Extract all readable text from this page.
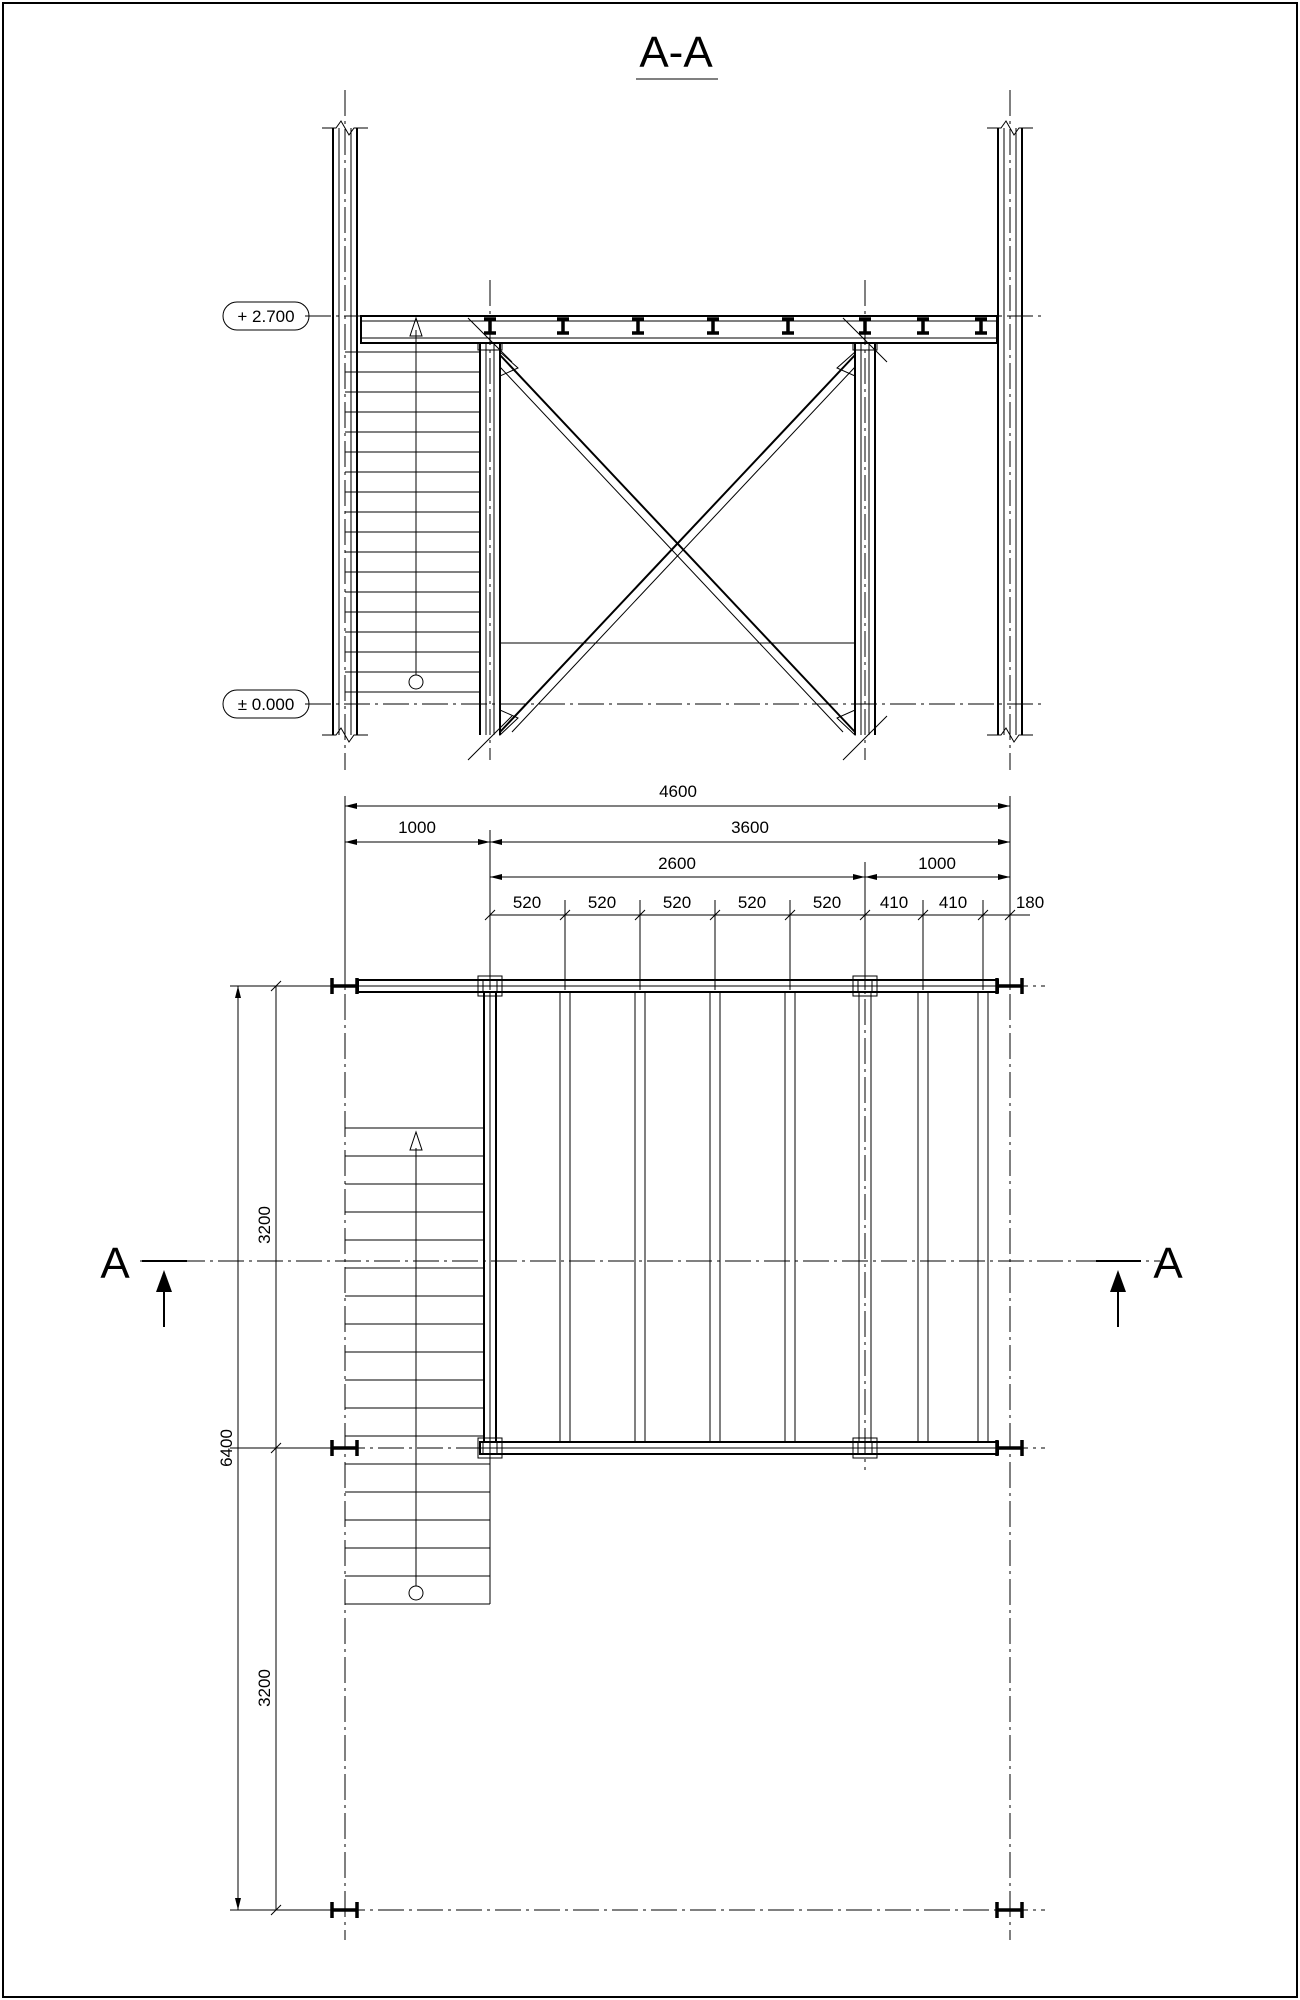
A-A
+ 2.700
± 0.000
4600
1000	3600
2600	1000
520	520	520	520	520 410 410	180
6400
3200
3200
A	A
